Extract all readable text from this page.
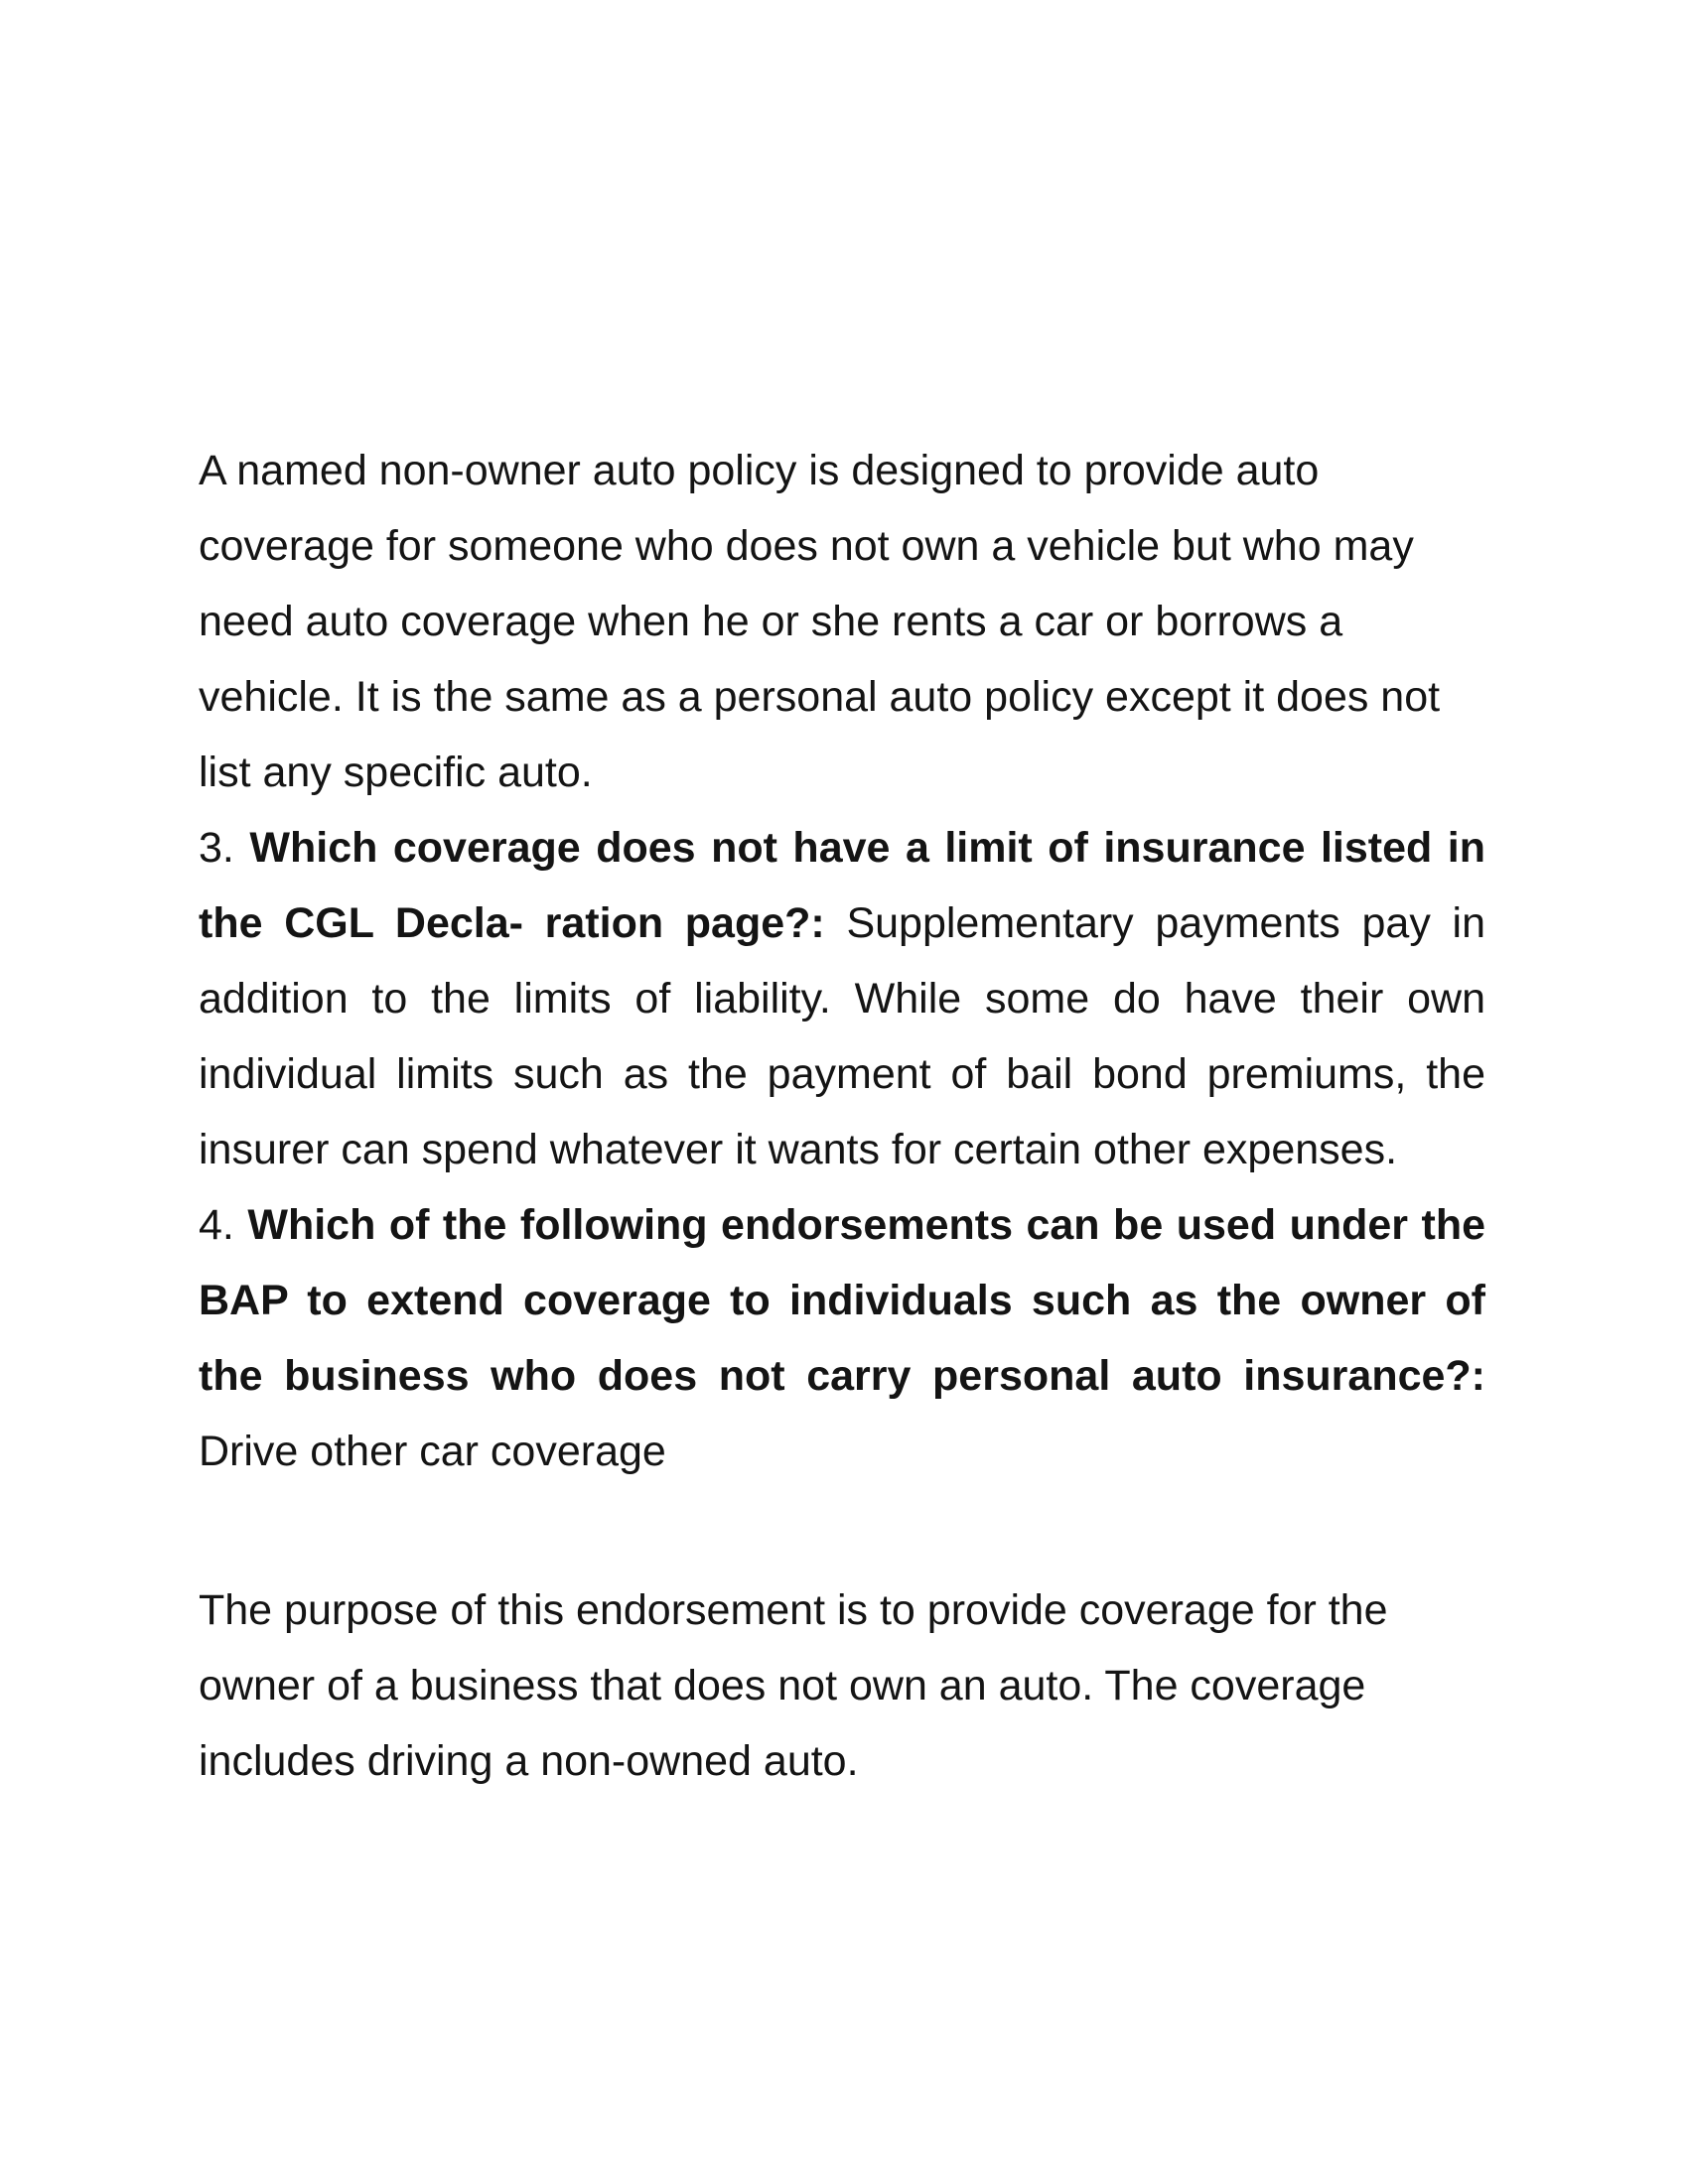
A named non-owner auto policy is designed to provide auto coverage for someone who does not own a vehicle but who may need auto coverage when he or she rents a car or borrows a vehicle. It is the same as a personal auto policy except it does not list any specific auto.

3. Which coverage does not have a limit of insurance listed in the CGL Decla- ration page?: Supplementary payments pay in addition to the limits of liability. While some do have their own individual limits such as the payment of bail bond premiums, the insurer can spend whatever it wants for certain other expenses.

4. Which of the following endorsements can be used under the BAP to extend coverage to individuals such as the owner of the business who does not carry personal auto insurance?: Drive other car coverage

The purpose of this endorsement is to provide coverage for the owner of a business that does not own an auto. The coverage includes driving a non-owned auto.
